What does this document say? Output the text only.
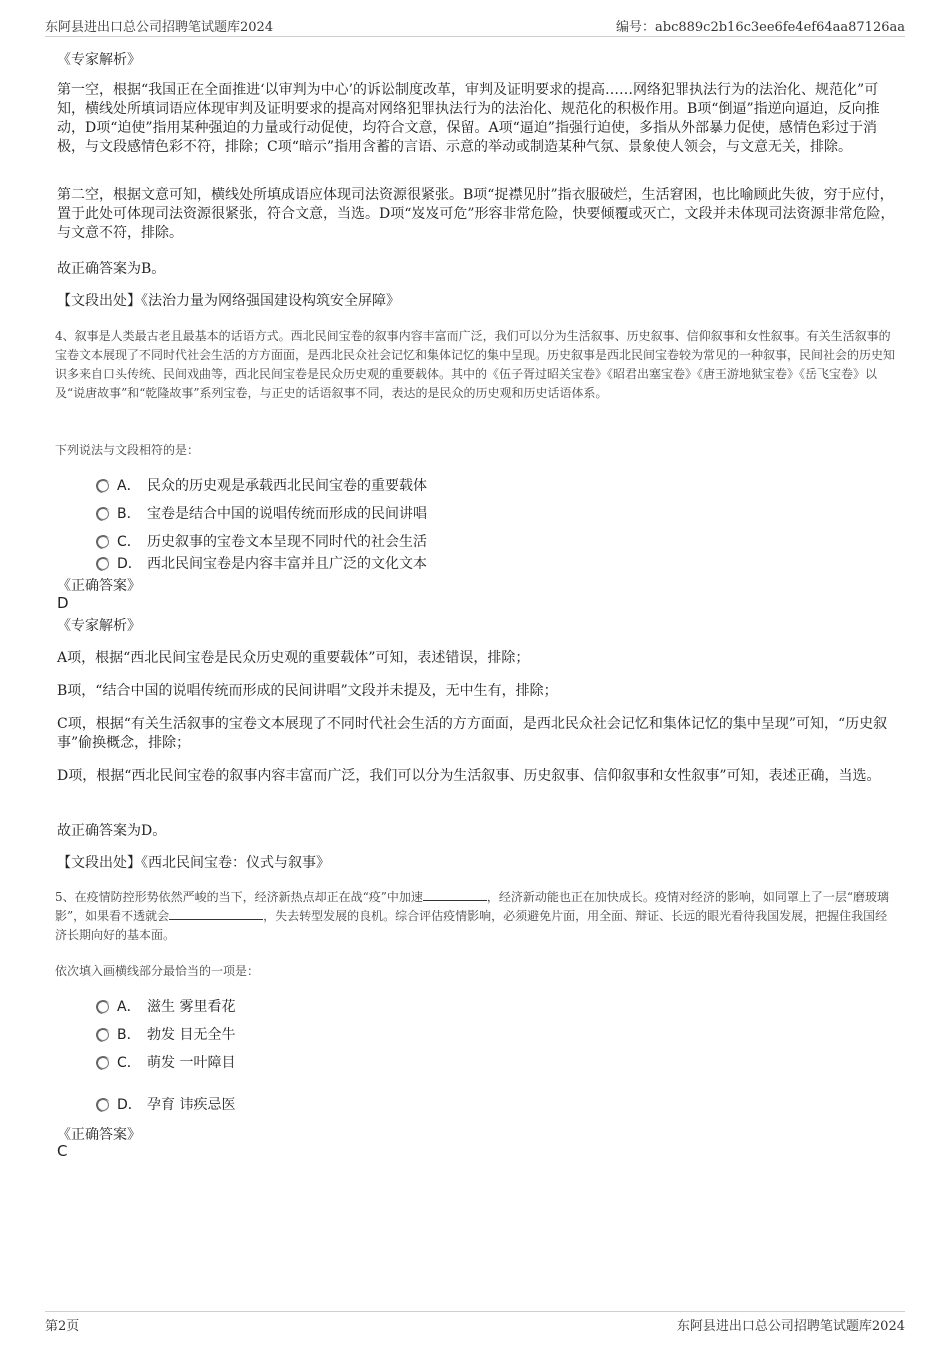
东阿县进出口总公司招聘笔试题库2024	编号：abc889c2b16c3ee6fe4ef64aa87126aa
《专家解析》

第一空，根据“我国正在全面推进‘以审判为中心’的诉讼制度改革，审判及证明要求的提高……网络犯罪执法行为的法治化、规范化”可知，横线处所填词语应体现审判及证明要求的提高对网络犯罪执法行为的法治化、规范化的积极作用。B项“倒逼”指逆向逼迫，反向推动，D项“迫使”指用某种强迫的力量或行动促使，均符合文意，保留。A项“逼迫”指强行迫使，多指从外部暴力促使，感情色彩过于消极，与文段感情色彩不符，排除；C项“暗示”指用含蓄的言语、示意的举动或制造某种气氛、景象使人领会，与文意无关，排除。

第二空，根据文意可知，横线处所填成语应体现司法资源很紧张。B项“捉襟见肘”指衣服破烂，生活窘困，也比喻顾此失彼，穷于应付，置于此处可体现司法资源很紧张，符合文意，当选。D项“岌岌可危”形容非常危险，快要倾覆或灭亡，文段并未体现司法资源非常危险，与文意不符，排除。

故正确答案为B。
【文段出处】《法治力量为网络强国建设构筑安全屏障》

4、叙事是人类最古老且最基本的话语方式。西北民间宝卷的叙事内容丰富而广泛，我们可以分为生活叙事、历史叙事、信仰叙事和女性叙事。有关生活叙事的宝卷文本展现了不同时代社会生活的方方面面，是西北民众社会记忆和集体记忆的集中呈现。历史叙事是西北民间宝卷较为常见的一种叙事，民间社会的历史知识多来自口头传统、民间戏曲等，西北民间宝卷是民众历史观的重要载体。其中的《伍子胥过昭关宝卷》《昭君出塞宝卷》《唐王游地狱宝卷》《岳飞宝卷》以及“说唐故事”和“乾隆故事”系列宝卷，与正史的话语叙事不同，表达的是民众的历史观和历史话语体系。

下列说法与文段相符的是：
A． 民众的历史观是承载西北民间宝卷的重要载体
B． 宝卷是结合中国的说唱传统而形成的民间讲唱
C． 历史叙事的宝卷文本呈现不同时代的社会生活
D． 西北民间宝卷是内容丰富并且广泛的文化文本
《正确答案》
D
《专家解析》

A项，根据“西北民间宝卷是民众历史观的重要载体”可知，表述错误，排除；

B项，“结合中国的说唱传统而形成的民间讲唱”文段并未提及，无中生有，排除；

C项，根据“有关生活叙事的宝卷文本展现了不同时代社会生活的方方面面，是西北民众社会记忆和集体记忆的集中呈现”可知，“历史叙事”偷换概念，排除；

D项，根据“西北民间宝卷的叙事内容丰富而广泛，我们可以分为生活叙事、历史叙事、信仰叙事和女性叙事”可知，表述正确，当选。

故正确答案为D。
【文段出处】《西北民间宝卷：仪式与叙事》

5、在疫情防控形势依然严峻的当下，经济新热点却正在战“疫”中加速	，经济新动能也正在加快成长。疫情对经济的影响，如同罩上了一层“磨玻璃影”，如果看不透就会	，失去转型发展的良机。综合评估疫情影响，必须避免片面，用全面、辩证、长远的眼光看待我国发展，把握住我国经济长期向好的基本面。

依次填入画横线部分最恰当的一项是：
A． 滋生 雾里看花
B． 勃发 目无全牛
C． 萌发 一叶障目
D． 孕育 讳疾忌医
《正确答案》
C
第2页	东阿县进出口总公司招聘笔试题库2024
